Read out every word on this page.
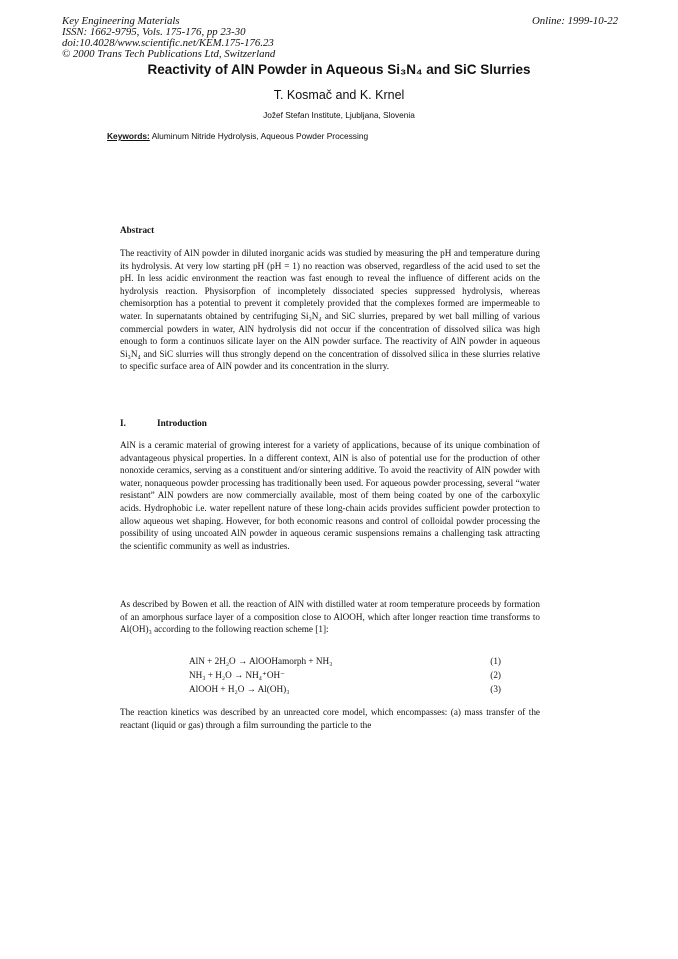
Key Engineering Materials
ISSN: 1662-9795, Vols. 175-176, pp 23-30
doi:10.4028/www.scientific.net/KEM.175-176.23
© 2000 Trans Tech Publications Ltd, Switzerland
Online: 1999-10-22
Reactivity of AlN Powder in Aqueous Si₃N₄ and SiC Slurries
T. Kosmač and K. Krnel
Jožef Stefan Institute, Ljubljana, Slovenia
Keywords: Aluminum Nitride Hydrolysis, Aqueous Powder Processing
Abstract

The reactivity of AlN powder in diluted inorganic acids was studied by measuring the pH and temperature during its hydrolysis. At very low starting pH (pH = 1) no reaction was observed, regardless of the acid used to set the pH. In less acidic environment the reaction was fast enough to reveal the influence of different acids on the hydrolysis reaction. Physisorpfion of incompletely dissociated species suppressed hydrolysis, whereas chemisorption has a potential to prevent it completely provided that the complexes formed are impermeable to water. In supernatants obtained by centrifuging Si₃N₄ and SiC slurries, prepared by wet ball milling of various commercial powders in water, AlN hydrolysis did not occur if the concentration of dissolved silica was high enough to form a continuos silicate layer on the AlN powder surface. The reactivity of AlN powder in aqueous Si₃N₄ and SiC slurries will thus strongly depend on the concentration of dissolved silica in these slurries relative to specific surface area of AlN powder and its concentration in the slurry.

I.	Introduction

AlN is a ceramic material of growing interest for a variety of applications, because of its unique combination of advantageous physical properties. In a different context, AlN is also of potential use for the production of other nonoxide ceramics, serving as a constituent and/or sintering additive. To avoid the reactivity of AlN powder with water, nonaqueous powder processing has traditionally been used. For aqueous powder processing, several “water resistant” AlN powders are now commercially available, most of them being coated by one of the carboxylic acids. Hydrophobic i.e. water repellent nature of these long-chain acids provides sufficient powder protection to allow aqueous wet shaping. However, for both economic reasons and control of colloidal powder processing the possibility of using uncoated AlN powder in aqueous ceramic suspensions remains a challenging task attracting the scientific community as well as industries.

As described by Bowen et all. the reaction of AlN with distilled water at room temperature proceeds by formation of an amorphous surface layer of a composition close to AlOOH, which after longer reaction time transforms to Al(OH)₃ according to the following reaction scheme [1]:

AlN + 2H₂O → AlOOHamorph + NH₃	(1)
NH₃ + H₂O → NH₄⁺OH⁻	(2)
AlOOH + H₂O → Al(OH)₃	(3)

The reaction kinetics was described by an unreacted core model, which encompasses: (a) mass transfer of the reactant (liquid or gas) through a film surrounding the particle to the
